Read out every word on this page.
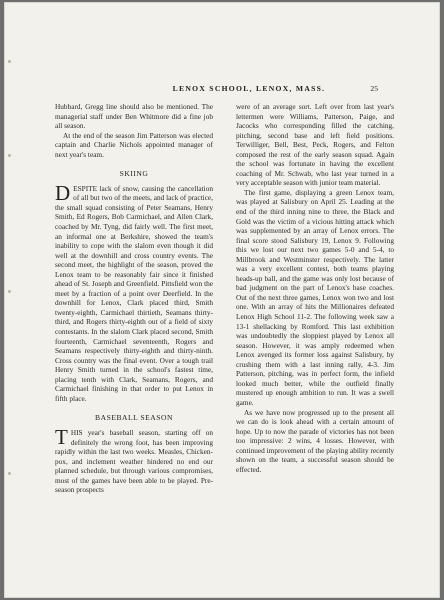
LENOX SCHOOL, LENOX, MASS.	25

Hubbard, Gregg line should also be mentioned. The managerial staff under Ben Whitmore did a fine job all season.

At the end of the season Jim Patterson was elected captain and Charlie Nichols appointed manager of next year's team.

SKIING

DESPITE lack of snow, causing the cancellation of all but two of the meets, and lack of practice, the small squad consisting of Peter Seamans, Henry Smith, Ed Rogers, Bob Carmichael, and Allen Clark, coached by Mr. Tyng, did fairly well. The first meet, an informal one at Berkshire, showed the team's inability to cope with the slalom even though it did well at the downhill and cross country events. The second meet, the highlight of the season, proved the Lenox team to be reasonably fair since it finished ahead of St. Joseph and Greenfield. Pittsfield won the meet by a fraction of a point over Deerfield. In the downhill for Lenox, Clark placed third, Smith twenty-eighth, Carmichael thirtieth, Seamans thirty-third, and Rogers thirty-eighth out of a field of sixty contestants. In the slalom Clark placed second, Smith fourteenth, Carmichael seventeenth, Rogers and Seamans respectively thirty-eighth and thirty-ninth. Cross country was the final event. Over a tough trail Henry Smith turned in the school's fastest time, placing tenth with Clark, Seamans, Rogers, and Carmichael finishing in that order to put Lenox in fifth place.

BASEBALL SEASON

THIS year's baseball season, starting off on definitely the wrong foot, has been improving rapidly within the last two weeks. Measles, Chicken-pox, and inclement weather hindered no end our planned schedule, but through various compromises, most of the games have been able to be played. Pre-season prospects

were of an average sort. Left over from last year's lettermen were Williams, Patterson, Paige, and Jacocks who corresponding filled the catching, pitching, second base and left field positions. Terwilliger, Bell, Best, Peck, Rogers, and Felton composed the rest of the early season squad. Again the school was fortunate in having the excellent coaching of Mr. Schwab, who last year turned in a very acceptable season with junior team material.

The first game, displaying a green Lenox team, was played at Salisbury on April 25. Leading at the end of the third inning nine to three, the Black and Gold was the victim of a vicious hitting attack which was supplemented by an array of Lenox errors. The final score stood Salisbury 19, Lenox 9. Following this we lost our next two games 5-0 and 5-4, to Millbrook and Westminster respectively. The latter was a very excellent contest, both teams playing heads-up ball, and the game was only lost because of bad judgment on the part of Lenox's base coaches. Out of the next three games, Lenox won two and lost one. With an array of hits the Millionaires defeated Lenox High School 11-2. The following week saw a 13-1 shellacking by Romford. This last exhibition was undoubtedly the sloppiest played by Lenox all season. However, it was amply redeemed when Lenox avenged its former loss against Salisbury, by crushing them with a last inning rally, 4-3. Jim Patterson, pitching, was in perfect form, the infield looked much better, while the outfield finally mustered up enough ambition to run. It was a swell game.

As we have now progressed up to the present all we can do is look ahead with a certain amount of hope. Up to now the parade of victories has not been too impressive: 2 wins, 4 losses. However, with continued improvement of the playing ability recently shown on the team, a successful season should be effected.
